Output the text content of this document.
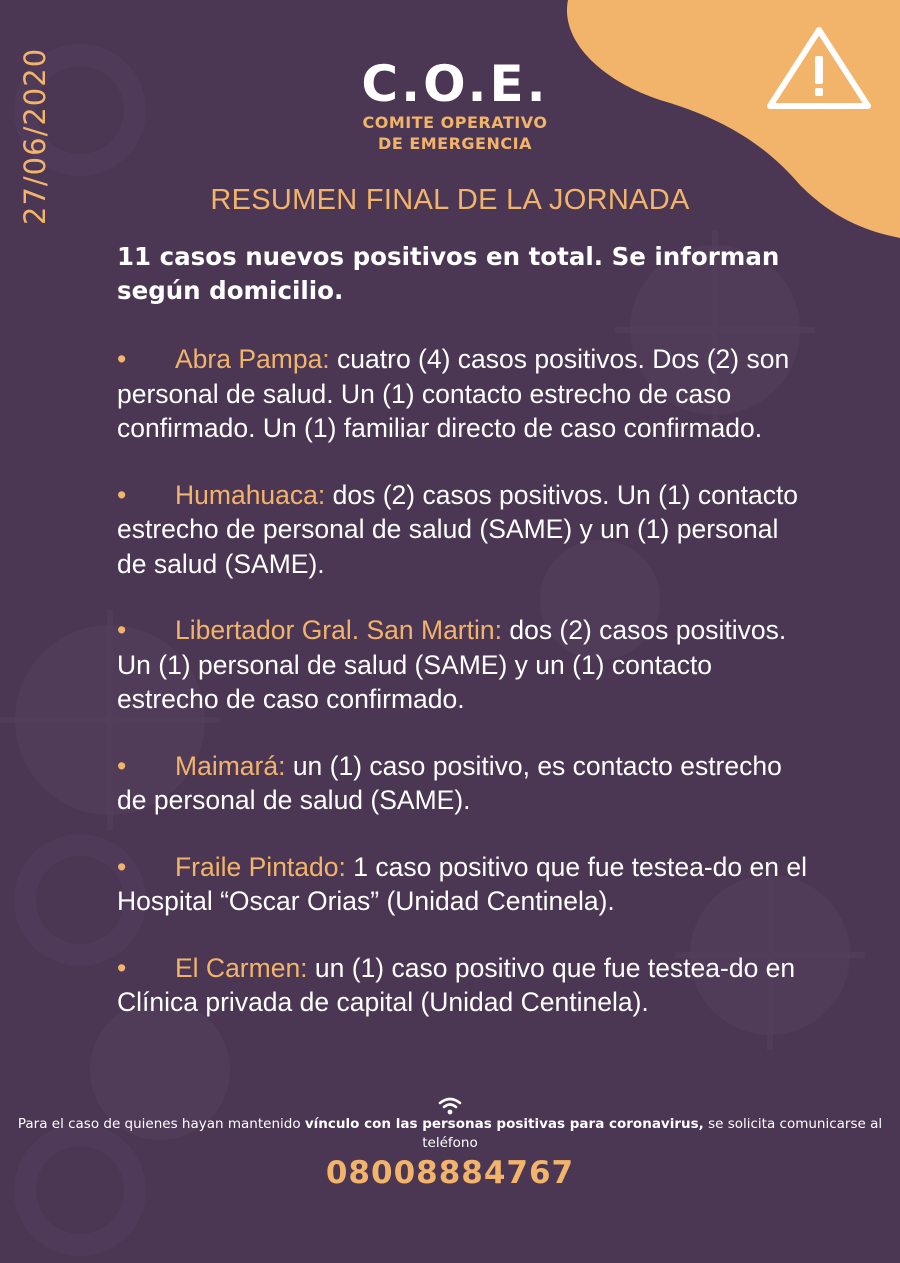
27/06/2020	C.O.E.
COMITE OPERATIVO
DE EMERGENCIA
RESUMEN FINAL DE LA JORNADA
11 casos nuevos positivos en total. Se informan según domicilio.
• Abra Pampa: cuatro (4) casos positivos. Dos (2) son personal de salud. Un (1) contacto estrecho de caso confirmado. Un (1) familiar directo de caso confirmado.
• Humahuaca: dos (2) casos positivos. Un (1) contacto estrecho de personal de salud (SAME) y un (1) personal de salud (SAME).
• Libertador Gral. San Martin: dos (2) casos positivos. Un (1) personal de salud (SAME) y un (1) contacto estrecho de caso confirmado.
• Maimará: un (1) caso positivo, es contacto estrecho de personal de salud (SAME).
• Fraile Pintado: 1 caso positivo que fue testea-do en el Hospital “Oscar Orias” (Unidad Centinela).
• El Carmen: un (1) caso positivo que fue testea-do en Clínica privada de capital (Unidad Centinela).
Para el caso de quienes hayan mantenido vínculo con las personas positivas para coronavirus, se solicita comunicarse al teléfono
08008884767
